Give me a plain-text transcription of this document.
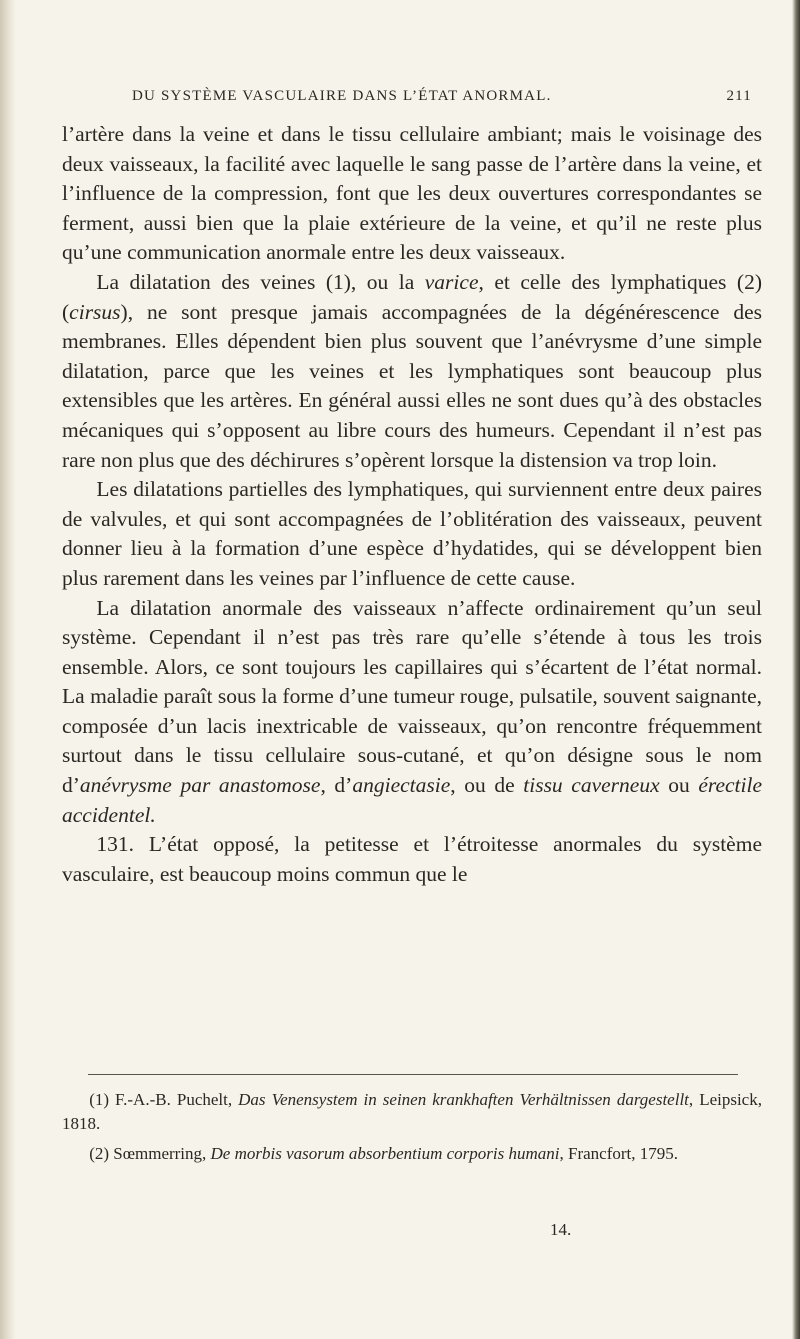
DU SYSTÈME VASCULAIRE DANS L’ÉTAT ANORMAL.	211

l’artère dans la veine et dans le tissu cellulaire ambiant; mais le voisinage des deux vaisseaux, la facilité avec laquelle le sang passe de l’artère dans la veine, et l’influence de la compression, font que les deux ouvertures correspondantes se ferment, aussi bien que la plaie extérieure de la veine, et qu’il ne reste plus qu’une communication anormale entre les deux vaisseaux.

La dilatation des veines (1), ou la varice, et celle des lymphatiques (2) (cirsus), ne sont presque jamais accompagnées de la dégénérescence des membranes. Elles dépendent bien plus souvent que l’anévrysme d’une simple dilatation, parce que les veines et les lymphatiques sont beaucoup plus extensibles que les artères. En général aussi elles ne sont dues qu’à des obstacles mécaniques qui s’opposent au libre cours des humeurs. Cependant il n’est pas rare non plus que des déchirures s’opèrent lorsque la distension va trop loin.

Les dilatations partielles des lymphatiques, qui surviennent entre deux paires de valvules, et qui sont accompagnées de l’oblitération des vaisseaux, peuvent donner lieu à la formation d’une espèce d’hydatides, qui se développent bien plus rarement dans les veines par l’influence de cette cause.

La dilatation anormale des vaisseaux n’affecte ordinairement qu’un seul système. Cependant il n’est pas très rare qu’elle s’étende à tous les trois ensemble. Alors, ce sont toujours les capillaires qui s’écartent de l’état normal. La maladie paraît sous la forme d’une tumeur rouge, pulsatile, souvent saignante, composée d’un lacis inextricable de vaisseaux, qu’on rencontre fréquemment surtout dans le tissu cellulaire sous-cutané, et qu’on désigne sous le nom d’anévrysme par anastomose, d’angiectasie, ou de tissu caverneux ou érectile accidentel.

131. L’état opposé, la petitesse et l’étroitesse anormales du système vasculaire, est beaucoup moins commun que le

(1) F.-A.-B. Puchelt, Das Venensystem in seinen krankhaften Verhältnissen dargestellt, Leipsick, 1818.

(2) Sœmmerring, De morbis vasorum absorbentium corporis humani, Francfort, 1795.

14.
